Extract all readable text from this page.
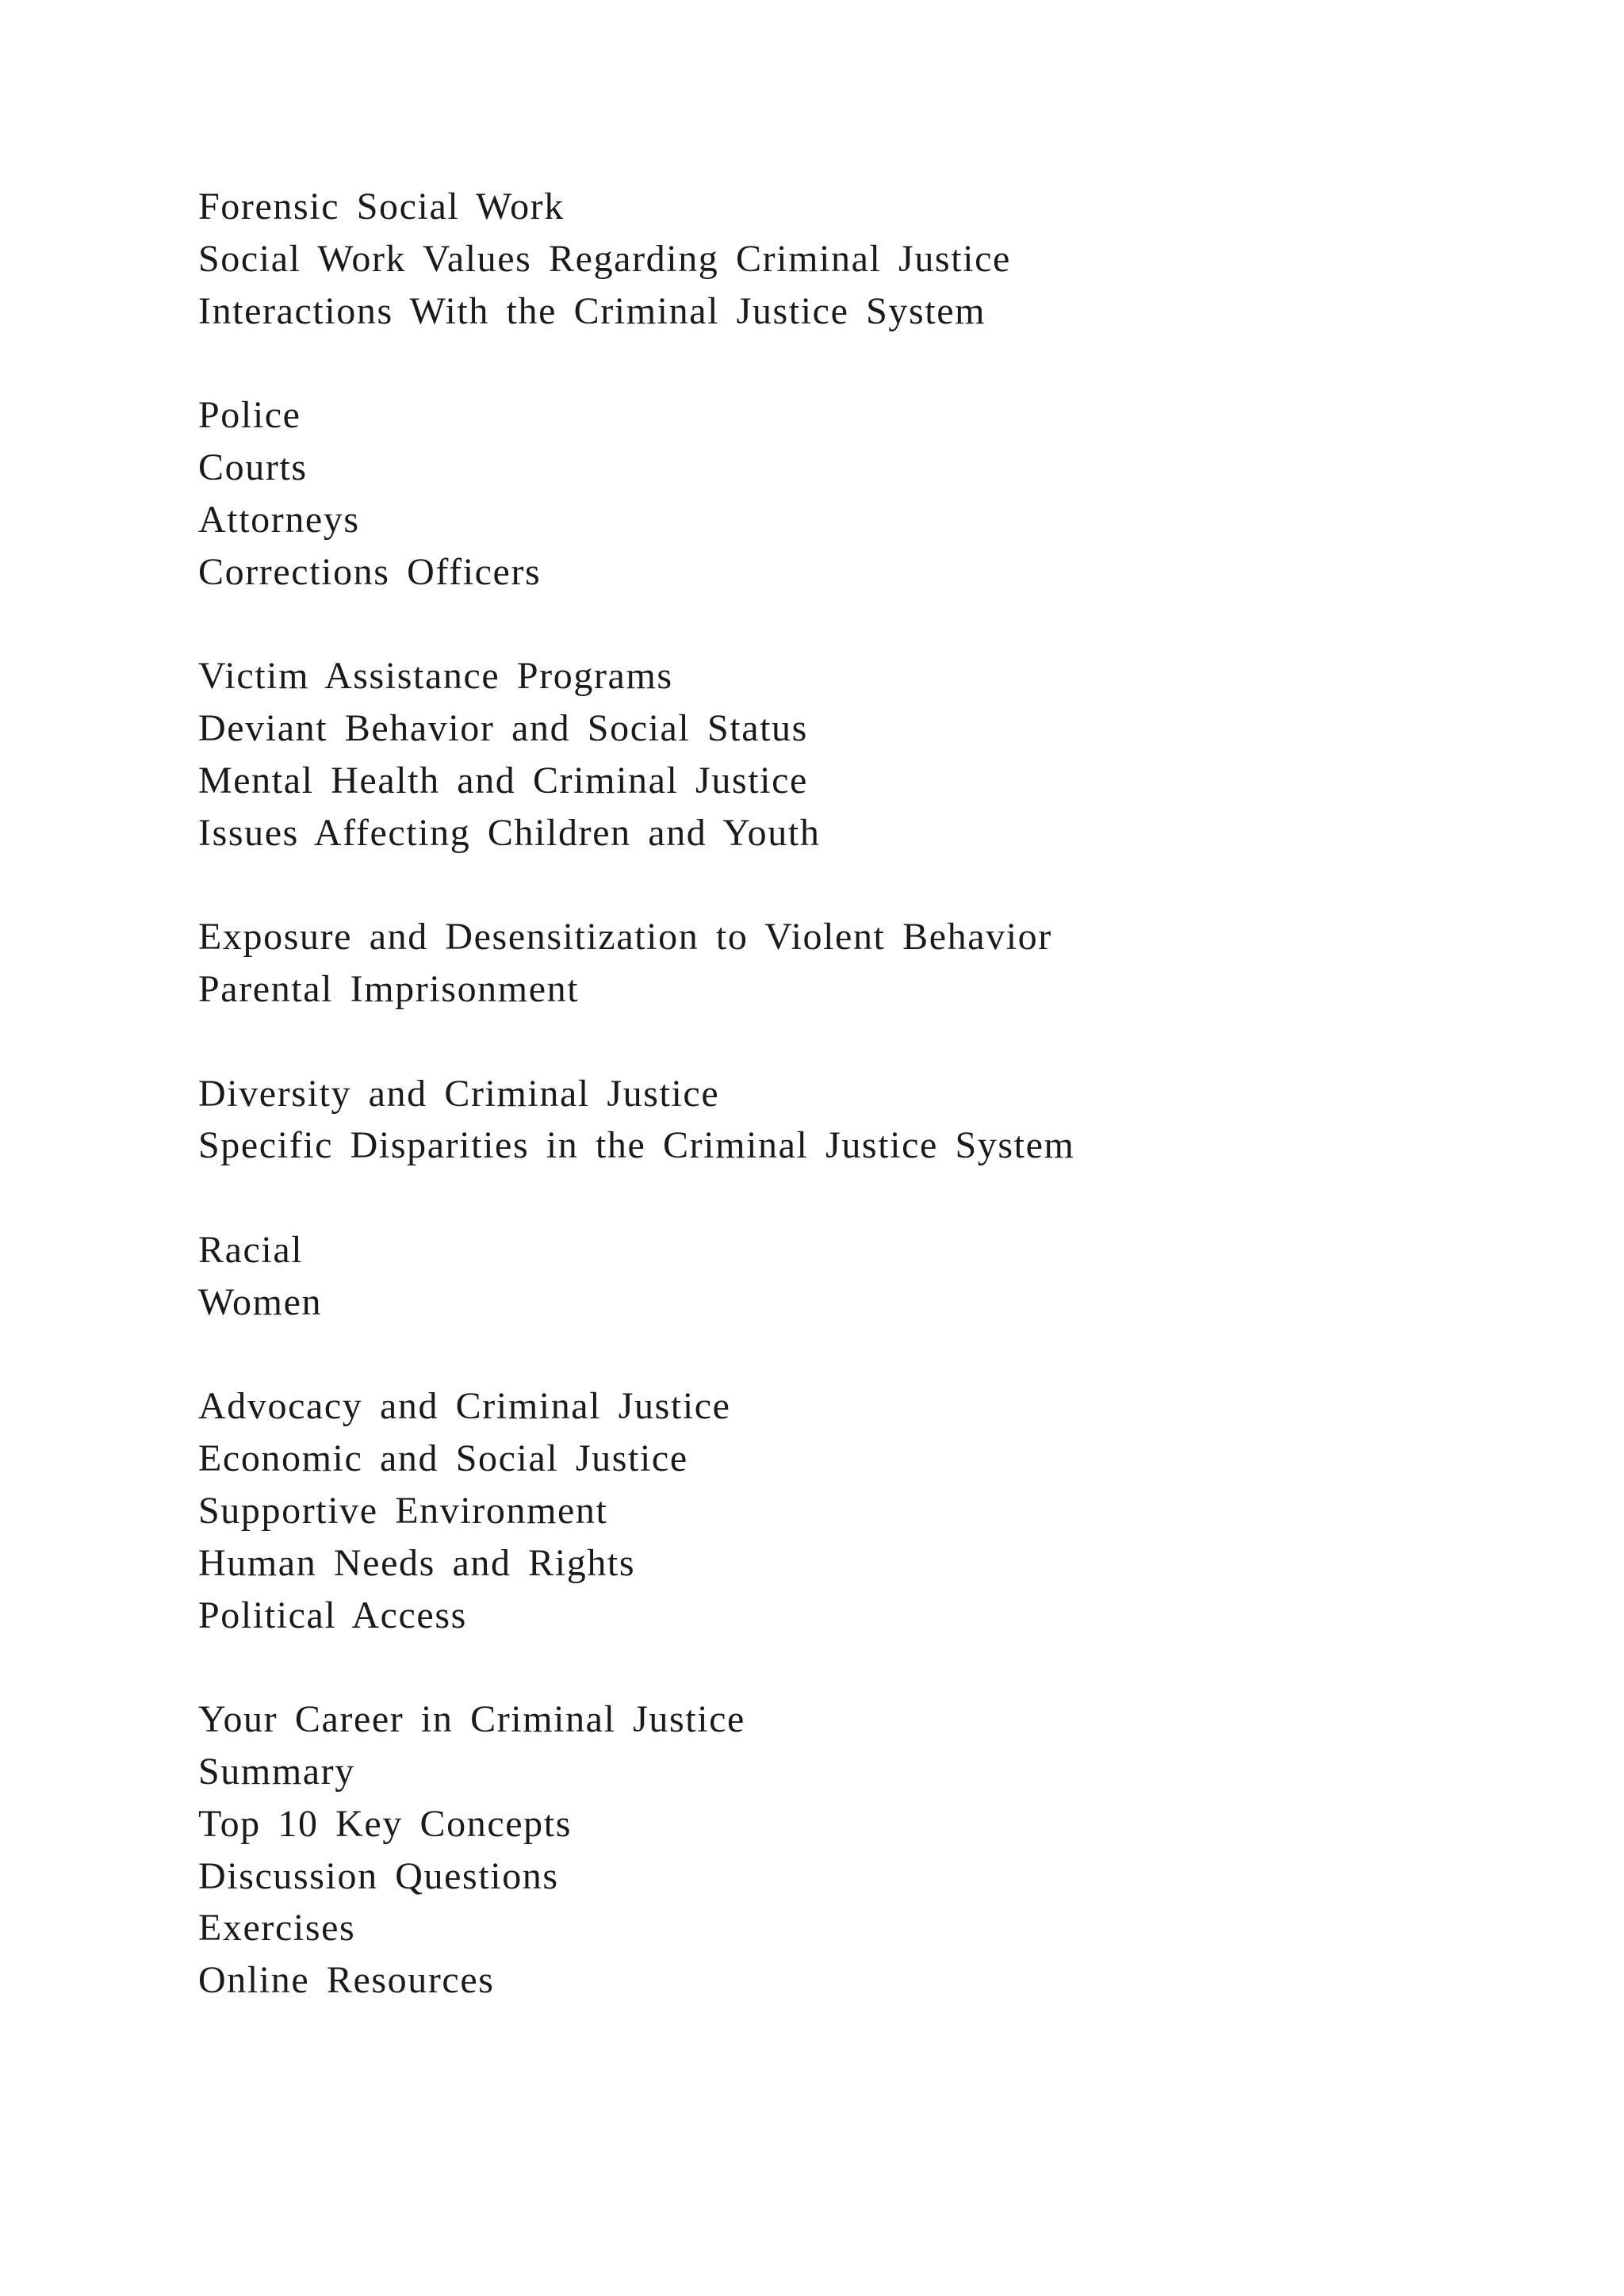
Forensic Social Work
Social Work Values Regarding Criminal Justice
Interactions With the Criminal Justice System
Police
Courts
Attorneys
Corrections Officers
Victim Assistance Programs
Deviant Behavior and Social Status
Mental Health and Criminal Justice
Issues Affecting Children and Youth
Exposure and Desensitization to Violent Behavior
Parental Imprisonment
Diversity and Criminal Justice
Specific Disparities in the Criminal Justice System
Racial
Women
Advocacy and Criminal Justice
Economic and Social Justice
Supportive Environment
Human Needs and Rights
Political Access
Your Career in Criminal Justice
Summary
Top 10 Key Concepts
Discussion Questions
Exercises
Online Resources
